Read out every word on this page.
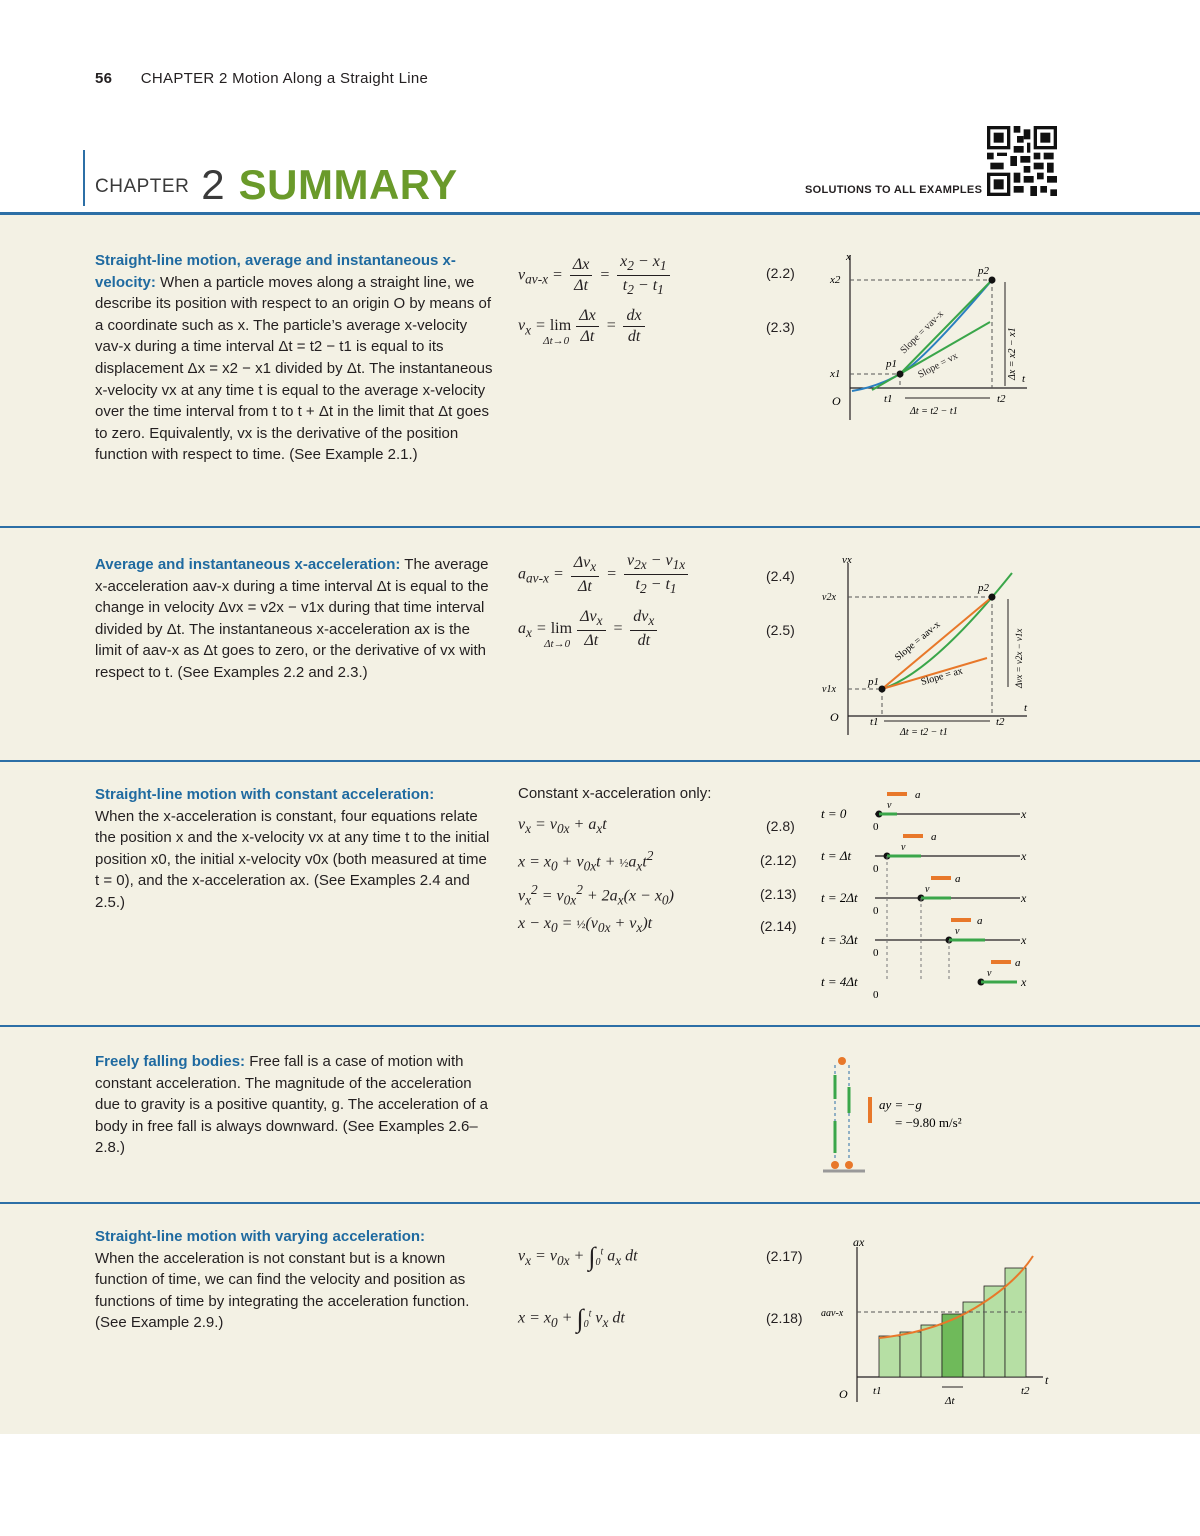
56 CHAPTER 2 Motion Along a Straight Line
CHAPTER 2 SUMMARY	SOLUTIONS TO ALL EXAMPLES
Straight-line motion, average and instantaneous x-velocity: When a particle moves along a straight line, we describe its position with respect to an origin O by means of a coordinate such as x. The particle’s average x-velocity vav-x during a time interval Δt = t2 − t1 is equal to its displacement Δx = x2 − x1 divided by Δt. The instantaneous x-velocity vx at any time t is equal to the average x-velocity over the time interval from t to t + Δt in the limit that Δt goes to zero. Equivalently, vx is the derivative of the position function with respect to time. (See Example 2.1.)
$v_{av-x} = \frac{\Delta x}{\Delta t} = \frac{x_2 - x_1}{t_2 - t_1}$	(2.2)
$v_x = \lim_{\Delta t\to 0} \frac{\Delta x}{\Delta t} = \frac{dx}{dt}$	(2.3)
x
t
O
x2
x1
p1
p2
t1	t2
Slope = vav-x
Slope = vx
Δt = t2 − t1
Δx = x2 − x1
Average and instantaneous x-acceleration: The average x-acceleration aav-x during a time interval Δt is equal to the change in velocity Δvx = v2x − v1x during that time interval divided by Δt. The instantaneous x-acceleration ax is the limit of aav-x as Δt goes to zero, or the derivative of vx with respect to t. (See Examples 2.2 and 2.3.)
$a_{av-x} = \frac{\Delta v_x}{\Delta t} = \frac{v_{2x} - v_{1x}}{t_2 - t_1}$	(2.4)
$a_x = \lim_{\Delta t\to 0} \frac{\Delta v_x}{\Delta t} = \frac{dv_x}{dt}$	(2.5)
vx
t
O
v2x
v1x
p1
p2
t1	t2
Slope = aav-x
Slope = ax
Δt = t2 − t1
Δvx = v2x − v1x
Straight-line motion with constant acceleration:
When the x-acceleration is constant, four equations relate the position x and the x-velocity vx at any time t to the initial position x0, the initial x-velocity v0x (both measured at time t = 0), and the x-acceleration ax. (See Examples 2.4 and 2.5.)
Constant x-acceleration only:
$v_x = v_{0x} + a_xt$	(2.8)
$x = x_0 + v_{0x}t$ + $\frac{1}{2}a_xt^2$	(2.12)
$v_x^2 = v_{0x}^2 + 2a_x(x - x_0)$	(2.13)
$x - x_0$ = $\frac{1}{2}(v_{0x} + v_x)t$	(2.14)
t = 0	x
0
a
v
t = Δt	x
0
a
v
t = 2Δt	x
0
a
v
t = 3Δt	x
0
a
v
t = 4Δt
0
x
a
v
Freely falling bodies: Free fall is a case of motion with constant acceleration. The magnitude of the acceleration due to gravity is a positive quantity, g. The acceleration of a body in free fall is always downward. (See Examples 2.6–2.8.)
ay = −g
= −9.80 m/s²
Straight-line motion with varying acceleration:
When the acceleration is not constant but is a known function of time, we can find the velocity and position as functions of time by integrating the acceleration function. (See Example 2.9.)
$v_x = v_{0x} + \int_0^t$ $a_x$ dt	(2.17)
$x = x_0 + \int_0^t$ $v_x$ dt	(2.18)
ax
t
O
aav-x
t1	t2
Δt
